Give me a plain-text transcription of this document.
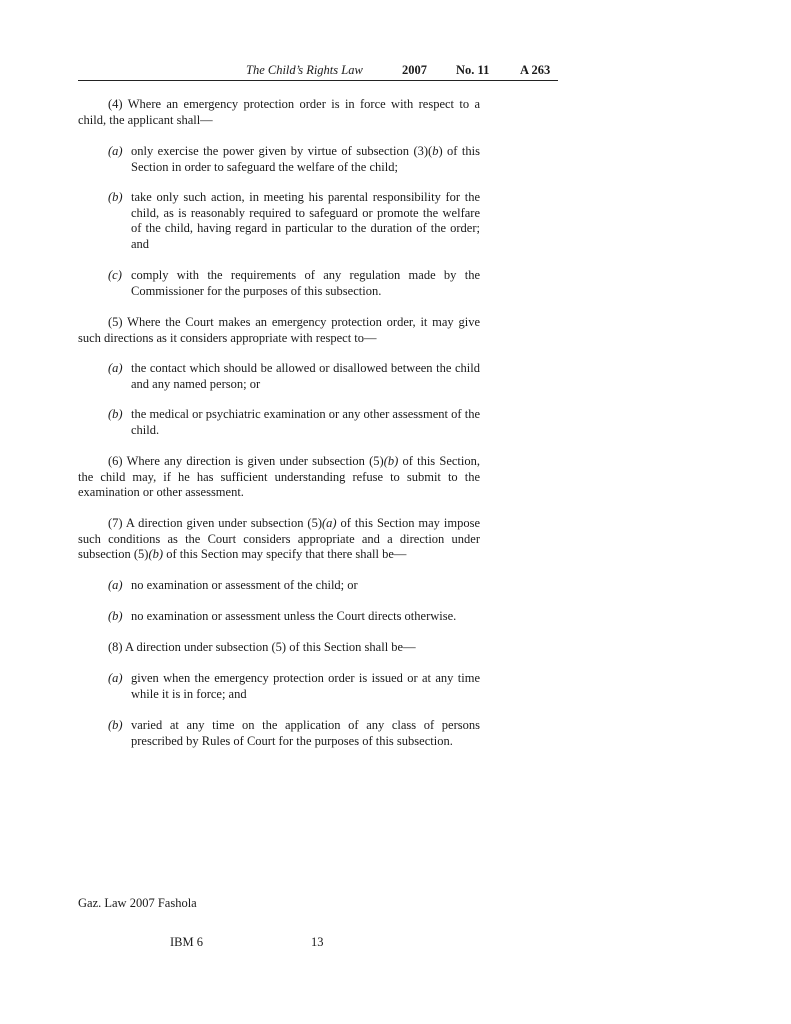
The Child’s Rights Law	2007 No. 11 A 263
(4) Where an emergency protection order is in force with respect to a child, the applicant shall—
(a) only exercise the power given by virtue of subsection (3)(b) of this Section in order to safeguard the welfare of the child;
(b) take only such action, in meeting his parental responsibility for the child, as is reasonably required to safeguard or promote the welfare of the child, having regard in particular to the duration of the order; and
(c) comply with the requirements of any regulation made by the Commissioner for the purposes of this subsection.
(5) Where the Court makes an emergency protection order, it may give such directions as it considers appropriate with respect to—
(a) the contact which should be allowed or disallowed between the child and any named person; or
(b) the medical or psychiatric examination or any other assessment of the child.
(6) Where any direction is given under subsection (5)(b) of this Section, the child may, if he has sufficient understanding refuse to submit to the examination or other assessment.
(7) A direction given under subsection (5)(a) of this Section may impose such conditions as the Court considers appropriate and a direction under subsection (5)(b) of this Section may specify that there shall be—
(a) no examination or assessment of the child; or
(b) no examination or assessment unless the Court directs otherwise.
(8) A direction under subsection (5) of this Section shall be—
(a) given when the emergency protection order is issued or at any time while it is in force; and
(b) varied at any time on the application of any class of persons prescribed by Rules of Court for the purposes of this subsection.
Gaz. Law 2007 Fashola
IBM 6	13
